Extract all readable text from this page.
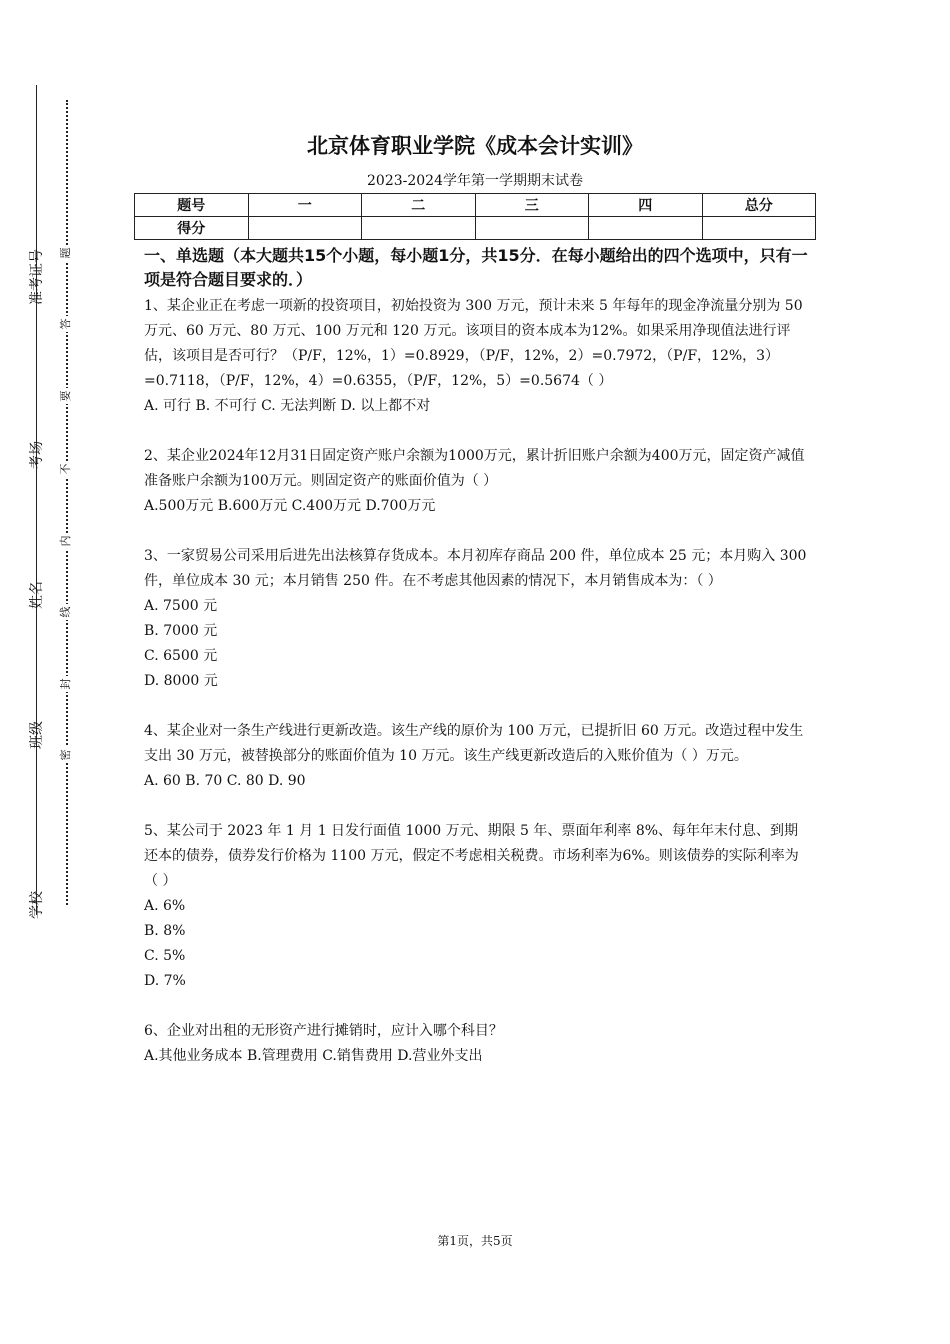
准考证号
考场
姓名
班级
学校
题
答
要
不
内
线
封
密
北京体育职业学院《成本会计实训》
2023-2024学年第一学期期末试卷
题号	一	二	三	四	总分
得分					

一、单选题（本大题共15个小题，每小题1分，共15分．在每小题给出的四个选项中，只有一项是符合题目要求的．）

1、某企业正在考虑一项新的投资项目，初始投资为 300 万元，预计未来 5 年每年的现金净流量分别为 50 万元、60 万元、80 万元、100 万元和 120 万元。该项目的资本成本为12%。如果采用净现值法进行评估，该项目是否可行？（P/F，12%，1）=0.8929，（P/F，12%，2）=0.7972，（P/F，12%，3）=0.7118，（P/F，12%，4）=0.6355，（P/F，12%，5）=0.5674（ ）

A. 可行 B. 不可行 C. 无法判断 D. 以上都不对

2、某企业2024年12月31日固定资产账户余额为1000万元，累计折旧账户余额为400万元，固定资产减值准备账户余额为100万元。则固定资产的账面价值为（ ）

A.500万元 B.600万元 C.400万元 D.700万元

3、一家贸易公司采用后进先出法核算存货成本。本月初库存商品 200 件，单位成本 25 元；本月购入 300 件，单位成本 30 元；本月销售 250 件。在不考虑其他因素的情况下，本月销售成本为：（ ）

A. 7500 元

B. 7000 元

C. 6500 元

D. 8000 元

4、某企业对一条生产线进行更新改造。该生产线的原价为 100 万元，已提折旧 60 万元。改造过程中发生支出 30 万元，被替换部分的账面价值为 10 万元。该生产线更新改造后的入账价值为（ ）万元。

A. 60 B. 70 C. 80 D. 90

5、某公司于 2023 年 1 月 1 日发行面值 1000 万元、期限 5 年、票面年利率 8%、每年年末付息、到期还本的债券，债券发行价格为 1100 万元，假定不考虑相关税费。市场利率为6%。则该债券的实际利率为（ ）

A. 6%

B. 8%

C. 5%

D. 7%

6、企业对出租的无形资产进行摊销时，应计入哪个科目？

A.其他业务成本 B.管理费用 C.销售费用 D.营业外支出

第1页，共5页
